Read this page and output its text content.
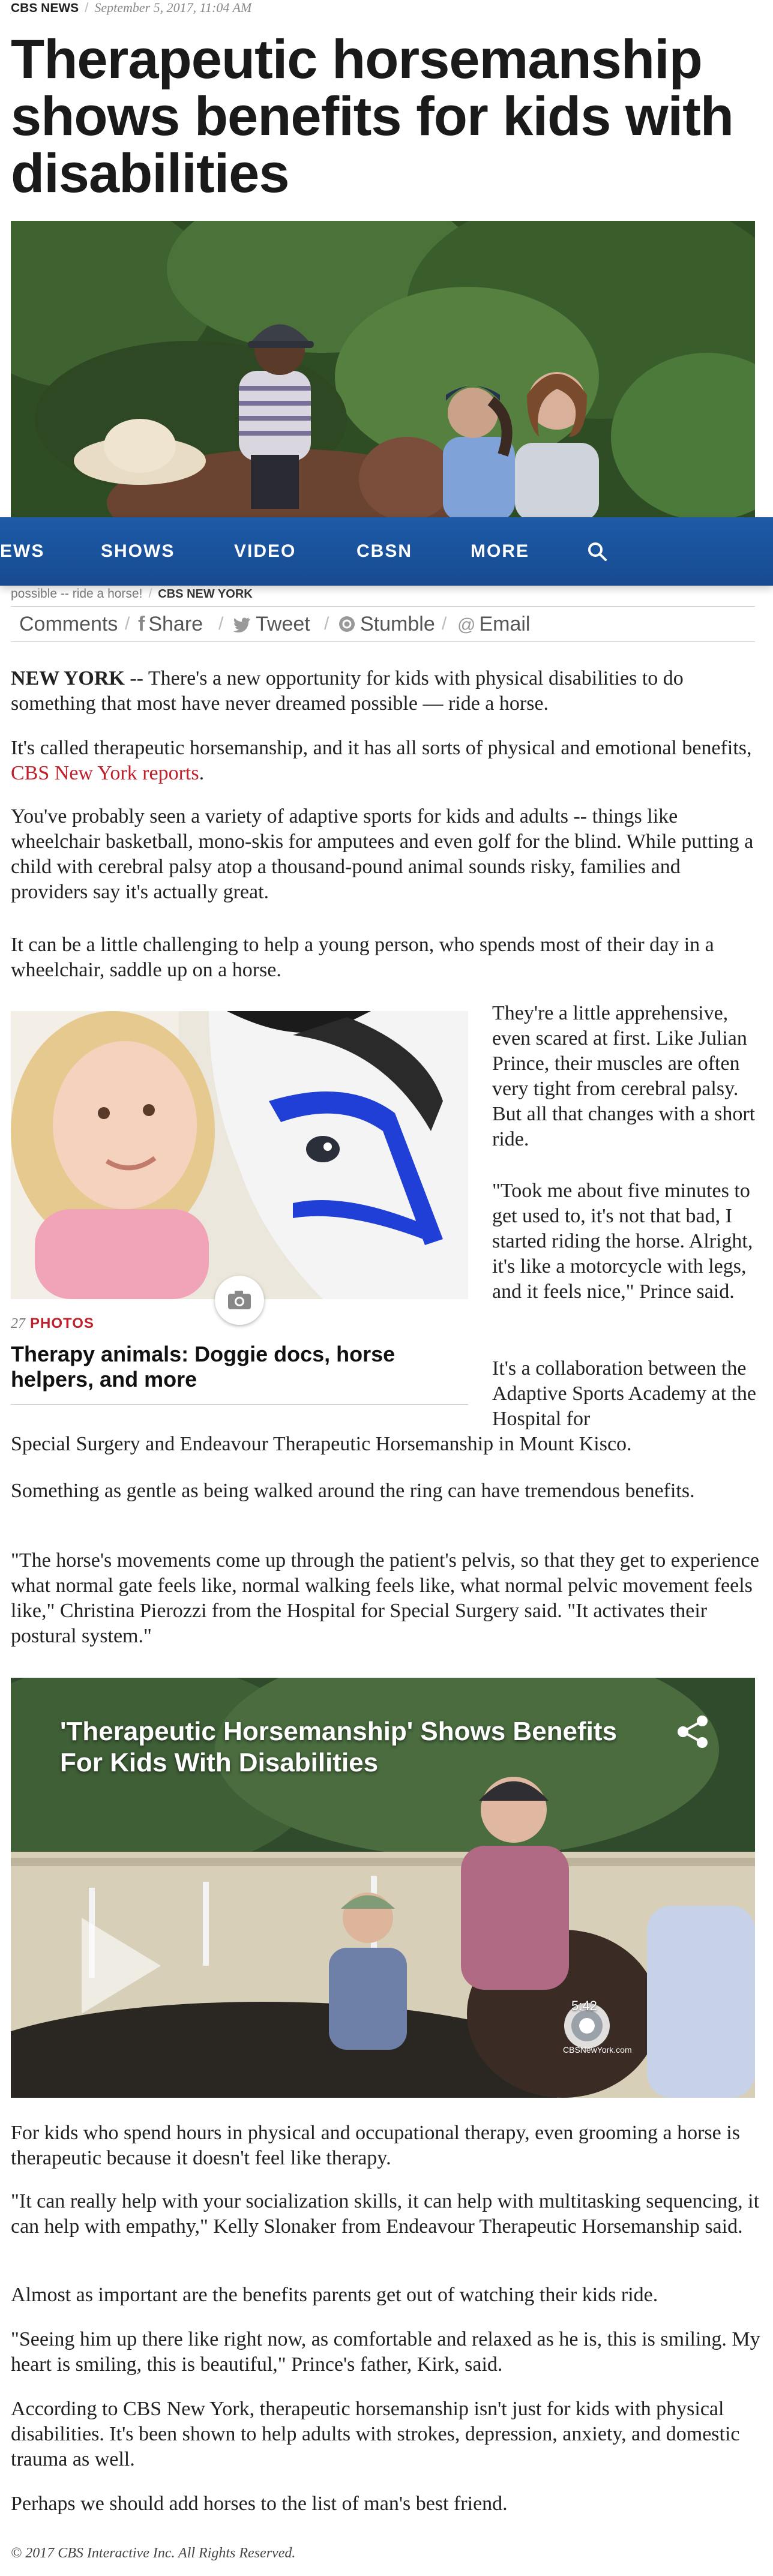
CBS NEWS / September 5, 2017, 11:04 AM
Therapeutic horsemanship shows benefits for kids with disabilities
EWS	SHOWS	VIDEO	CBSN	MORE
possible -- ride a horse! / CBS NEW YORK
Comments / f Share /	Tweet /	Stumble / @ Email

NEW YORK -- There's a new opportunity for kids with physical disabilities to do something that most have never dreamed possible — ride a horse.

It's called therapeutic horsemanship, and it has all sorts of physical and emotional benefits, CBS New York reports.

You've probably seen a variety of adaptive sports for kids and adults -- things like wheelchair basketball, mono-skis for amputees and even golf for the blind. While putting a child with cerebral palsy atop a thousand-pound animal sounds risky, families and providers say it's actually great.

It can be a little challenging to help a young person, who spends most of their day in a wheelchair, saddle up on a horse.

27 PHOTOS
Therapy animals: Doggie docs, horse helpers, and more

They're a little apprehensive, even scared at first. Like Julian Prince, their muscles are often very tight from cerebral palsy. But all that changes with a short ride.

"Took me about five minutes to get used to, it's not that bad, I started riding the horse. Alright, it's like a motorcycle with legs, and it feels nice," Prince said.

It's a collaboration between the Adaptive Sports Academy at the Hospital for

Special Surgery and Endeavour Therapeutic Horsemanship in Mount Kisco.

Something as gentle as being walked around the ring can have tremendous benefits.

"The horse's movements come up through the patient's pelvis, so that they get to experience what normal gate feels like, normal walking feels like, what normal pelvic movement feels like," Christina Pierozzi from the Hospital for Special Surgery said. "It activates their postural system."

'Therapeutic Horsemanship' Shows Benefits For Kids With Disabilities
5:42
CBSNewYork.com

For kids who spend hours in physical and occupational therapy, even grooming a horse is therapeutic because it doesn't feel like therapy.

"It can really help with your socialization skills, it can help with multitasking sequencing, it can help with empathy," Kelly Slonaker from Endeavour Therapeutic Horsemanship said.

Almost as important are the benefits parents get out of watching their kids ride.

"Seeing him up there like right now, as comfortable and relaxed as he is, this is smiling. My heart is smiling, this is beautiful," Prince's father, Kirk, said.

According to CBS New York, therapeutic horsemanship isn't just for kids with physical disabilities. It's been shown to help adults with strokes, depression, anxiety, and domestic trauma as well.

Perhaps we should add horses to the list of man's best friend.

© 2017 CBS Interactive Inc. All Rights Reserved.
